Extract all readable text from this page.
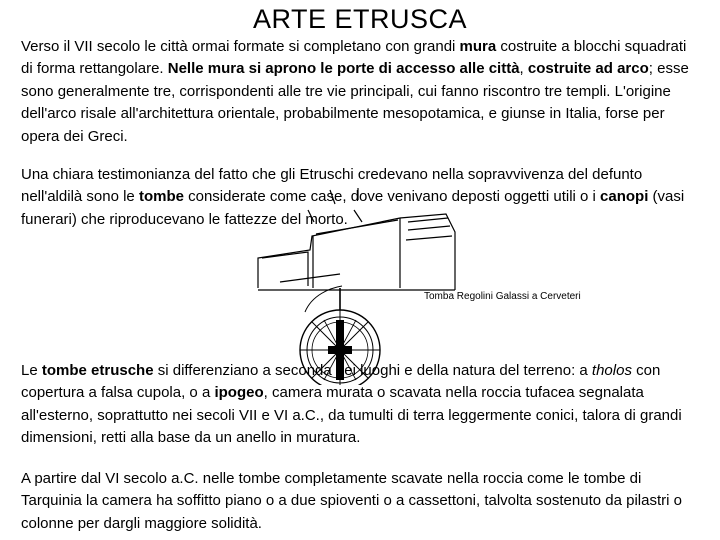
ARTE ETRUSCA

Verso il VII secolo le città ormai formate si completano con grandi mura costruite a blocchi squadrati di forma rettangolare. Nelle mura si aprono le porte di accesso alle città, costruite ad arco; esse sono generalmente tre, corrispondenti alle tre vie principali, cui fanno riscontro tre templi. L'origine dell'arco risale all'architettura orientale, probabilmente mesopotamica, e giunse in Italia, forse per opera dei Greci.

Una chiara testimonianza del fatto che gli Etruschi credevano nella sopravvivenza del defunto nell'aldilà sono le tombe considerate come case, dove venivano deposti oggetti utili o i canopi (vasi funerari) che riproducevano le fattezze del morto.

Tomba Regolini Galassi a Cerveteri

Le tombe etrusche si differenziano a seconda dei luoghi e della natura del terreno: a tholos con copertura a falsa cupola, o a ipogeo, camera murata o scavata nella roccia tufacea segnalata all'esterno, soprattutto nei secoli VII e VI a.C., da tumulti di terra leggermente conici, talora di grandi dimensioni, retti alla base da un anello in muratura.

A partire dal VI secolo a.C. nelle tombe completamente scavate nella roccia come le tombe di Tarquinia la camera ha soffitto piano o a due spioventi o a cassettoni, talvolta sostenuto da pilastri o colonne per dargli maggiore solidità.
